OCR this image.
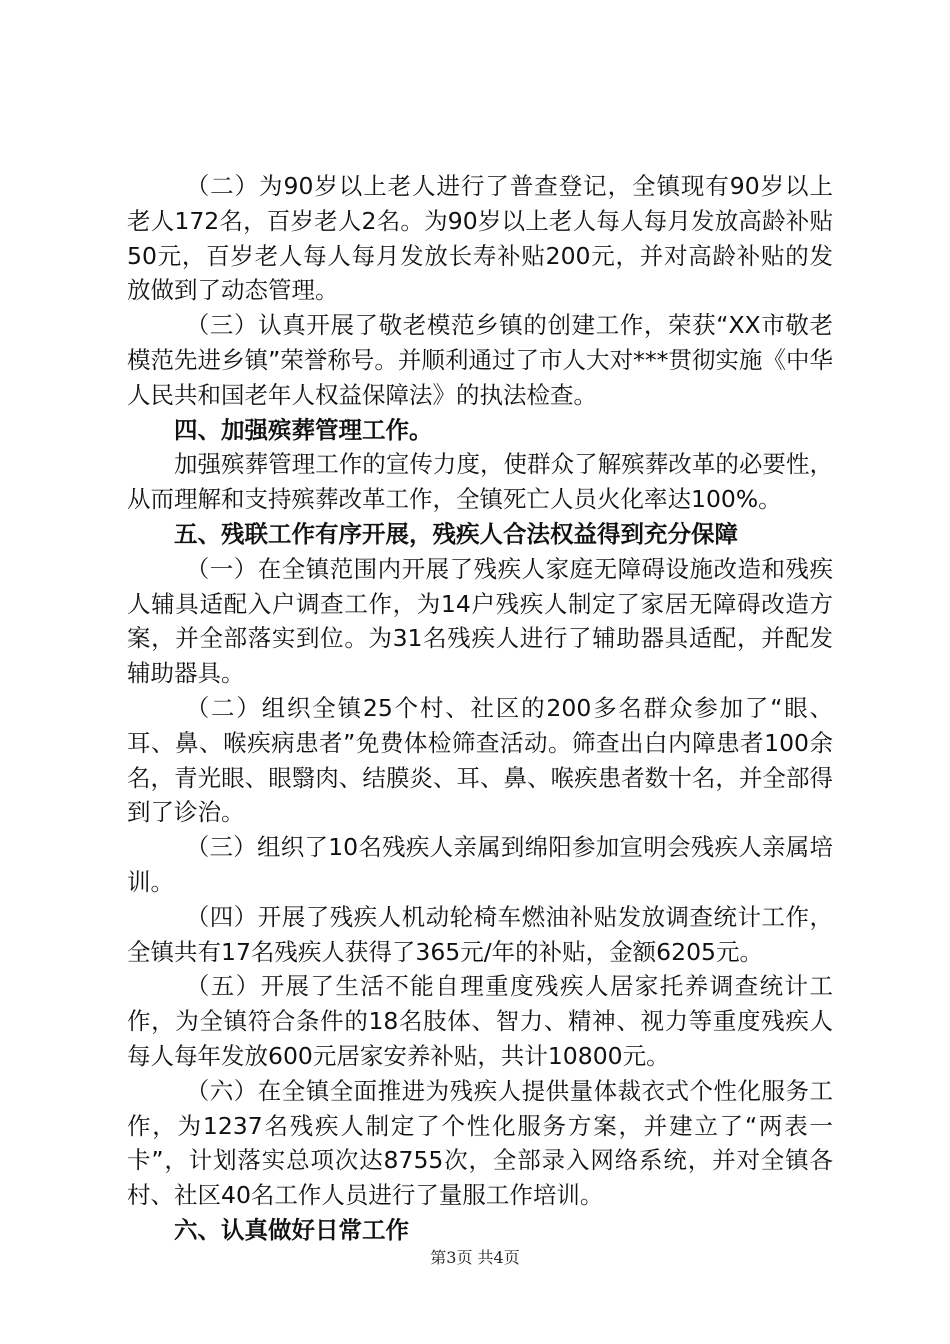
（二）为90岁以上老人进行了普查登记，全镇现有90岁以上老人172名，百岁老人2名。为90岁以上老人每人每月发放高龄补贴50元，百岁老人每人每月发放长寿补贴200元，并对高龄补贴的发放做到了动态管理。

（三）认真开展了敬老模范乡镇的创建工作，荣获“XX市敬老模范先进乡镇”荣誉称号。并顺利通过了市人大对***贯彻实施《中华人民共和国老年人权益保障法》的执法检查。

四、加强殡葬管理工作。

加强殡葬管理工作的宣传力度，使群众了解殡葬改革的必要性，从而理解和支持殡葬改革工作，全镇死亡人员火化率达100%。

五、残联工作有序开展，残疾人合法权益得到充分保障

（一）在全镇范围内开展了残疾人家庭无障碍设施改造和残疾人辅具适配入户调查工作，为14户残疾人制定了家居无障碍改造方案，并全部落实到位。为31名残疾人进行了辅助器具适配，并配发辅助器具。

（二）组织全镇25个村、社区的200多名群众参加了“眼、耳、鼻、喉疾病患者”免费体检筛查活动。筛查出白内障患者100余名，青光眼、眼翳肉、结膜炎、耳、鼻、喉疾患者数十名，并全部得到了诊治。

（三）组织了10名残疾人亲属到绵阳参加宣明会残疾人亲属培训。

（四）开展了残疾人机动轮椅车燃油补贴发放调查统计工作，全镇共有17名残疾人获得了365元/年的补贴，金额6205元。

（五）开展了生活不能自理重度残疾人居家托养调查统计工作，为全镇符合条件的18名肢体、智力、精神、视力等重度残疾人每人每年发放600元居家安养补贴，共计10800元。

（六）在全镇全面推进为残疾人提供量体裁衣式个性化服务工作，为1237名残疾人制定了个性化服务方案，并建立了“两表一卡”，计划落实总项次达8755次，全部录入网络系统，并对全镇各村、社区40名工作人员进行了量服工作培训。

六、认真做好日常工作

第3页 共4页
